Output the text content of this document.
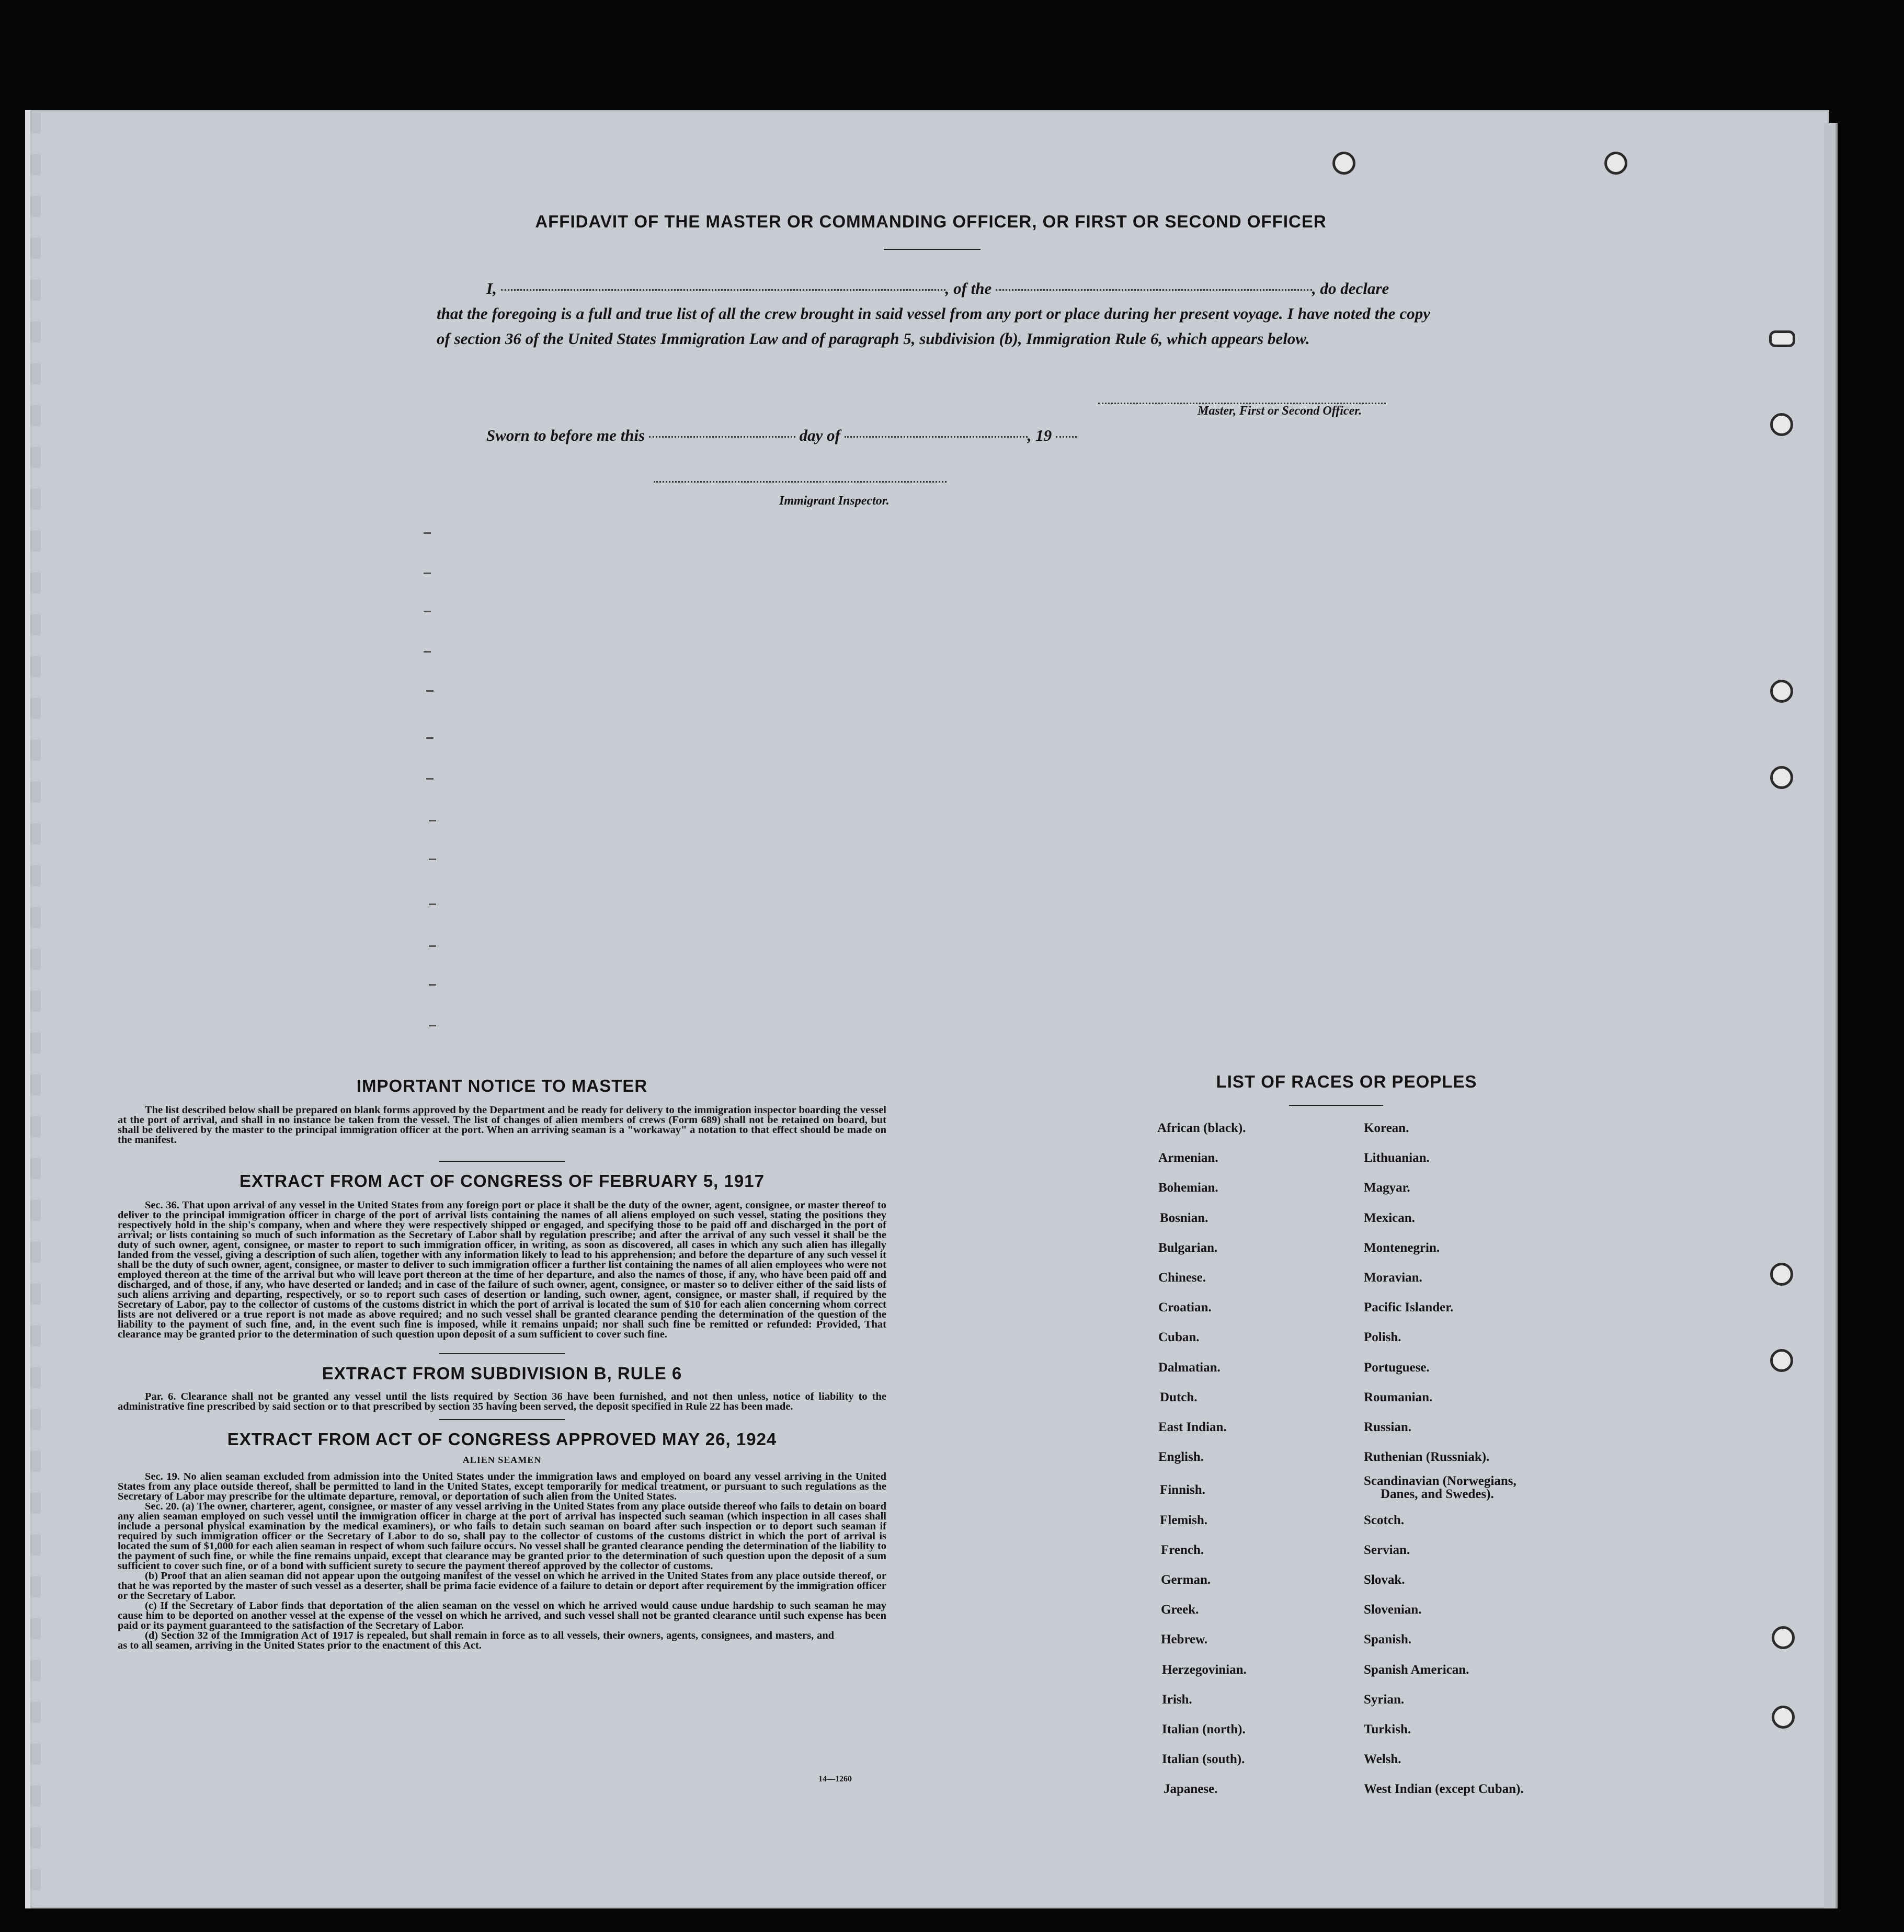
AFFIDAVIT OF THE MASTER OR COMMANDING OFFICER, OR FIRST OR SECOND OFFICER
I,	, of the	, do declare
that the foregoing is a full and true list of all the crew brought in said vessel from any port or place during her present voyage. I have noted the copy of section 36 of the United States Immigration Law and of paragraph 5, subdivision (b), Immigration Rule 6, which appears below.
Master, First or Second Officer.
Sworn to before me this	day of	, 19
Immigrant Inspector.
IMPORTANT NOTICE TO MASTER
The list described below shall be prepared on blank forms approved by the Department and be ready for delivery to the immigration inspector boarding the vessel at the port of arrival, and shall in no instance be taken from the vessel. The list of changes of alien members of crews (Form 689) shall not be retained on board, but shall be delivered by the master to the principal immigration officer at the port. When an arriving seaman is a "workaway" a notation to that effect should be made on the manifest.
EXTRACT FROM ACT OF CONGRESS OF FEBRUARY 5, 1917
Sec. 36. That upon arrival of any vessel in the United States from any foreign port or place it shall be the duty of the owner, agent, consignee, or master thereof to deliver to the principal immigration officer in charge of the port of arrival lists containing the names of all aliens employed on such vessel, stating the positions they respectively hold in the ship's company, when and where they were respectively shipped or engaged, and specifying those to be paid off and discharged in the port of arrival; or lists containing so much of such information as the Secretary of Labor shall by regulation prescribe; and after the arrival of any such vessel it shall be the duty of such owner, agent, consignee, or master to report to such immigration officer, in writing, as soon as discovered, all cases in which any such alien has illegally landed from the vessel, giving a description of such alien, together with any information likely to lead to his apprehension; and before the departure of any such vessel it shall be the duty of such owner, agent, consignee, or master to deliver to such immigration officer a further list containing the names of all alien employees who were not employed thereon at the time of the arrival but who will leave port thereon at the time of her departure, and also the names of those, if any, who have been paid off and discharged, and of those, if any, who have deserted or landed; and in case of the failure of such owner, agent, consignee, or master so to deliver either of the said lists of such aliens arriving and departing, respectively, or so to report such cases of desertion or landing, such owner, agent, consignee, or master shall, if required by the Secretary of Labor, pay to the collector of customs of the customs district in which the port of arrival is located the sum of $10 for each alien concerning whom correct lists are not delivered or a true report is not made as above required; and no such vessel shall be granted clearance pending the determination of the question of the liability to the payment of such fine, and, in the event such fine is imposed, while it remains unpaid; nor shall such fine be remitted or refunded: Provided, That clearance may be granted prior to the determination of such question upon deposit of a sum sufficient to cover such fine.
EXTRACT FROM SUBDIVISION B, RULE 6
Par. 6. Clearance shall not be granted any vessel until the lists required by Section 36 have been furnished, and not then unless, notice of liability to the administrative fine prescribed by said section or to that prescribed by section 35 having been served, the deposit specified in Rule 22 has been made.
EXTRACT FROM ACT OF CONGRESS APPROVED MAY 26, 1924
ALIEN SEAMEN
Sec. 19. No alien seaman excluded from admission into the United States under the immigration laws and employed on board any vessel arriving in the United States from any place outside thereof, shall be permitted to land in the United States, except temporarily for medical treatment, or pursuant to such regulations as the Secretary of Labor may prescribe for the ultimate departure, removal, or deportation of such alien from the United States.
Sec. 20. (a) The owner, charterer, agent, consignee, or master of any vessel arriving in the United States from any place outside thereof who fails to detain on board any alien seaman employed on such vessel until the immigration officer in charge at the port of arrival has inspected such seaman (which inspection in all cases shall include a personal physical examination by the medical examiners), or who fails to detain such seaman on board after such inspection or to deport such seaman if required by such immigration officer or the Secretary of Labor to do so, shall pay to the collector of customs of the customs district in which the port of arrival is located the sum of $1,000 for each alien seaman in respect of whom such failure occurs. No vessel shall be granted clearance pending the determination of the liability to the payment of such fine, or while the fine remains unpaid, except that clearance may be granted prior to the determination of such question upon the deposit of a sum sufficient to cover such fine, or of a bond with sufficient surety to secure the payment thereof approved by the collector of customs.
(b) Proof that an alien seaman did not appear upon the outgoing manifest of the vessel on which he arrived in the United States from any place outside thereof, or that he was reported by the master of such vessel as a deserter, shall be prima facie evidence of a failure to detain or deport after requirement by the immigration officer or the Secretary of Labor.
(c) If the Secretary of Labor finds that deportation of the alien seaman on the vessel on which he arrived would cause undue hardship to such seaman he may cause him to be deported on another vessel at the expense of the vessel on which he arrived, and such vessel shall not be granted clearance until such expense has been paid or its payment guaranteed to the satisfaction of the Secretary of Labor.
(d) Section 32 of the Immigration Act of 1917 is repealed, but shall remain in force as to all vessels, their owners, agents, consignees, and masters, and as to all seamen, arriving in the United States prior to the enactment of this Act.
14—1260
LIST OF RACES OR PEOPLES
African (black).
Armenian.
Bohemian.
Bosnian.
Bulgarian.
Chinese.
Croatian.
Cuban.
Dalmatian.
Dutch.
East Indian.
English.
Finnish.
Flemish.
French.
German.
Greek.
Hebrew.
Herzegovinian.
Irish.
Italian (north).
Italian (south).
Japanese.
Korean.
Lithuanian.
Magyar.
Mexican.
Montenegrin.
Moravian.
Pacific Islander.
Polish.
Portuguese.
Roumanian.
Russian.
Ruthenian (Russniak).
Scandinavian (Norwegians,
Danes, and Swedes).
Scotch.
Servian.
Slovak.
Slovenian.
Spanish.
Spanish American.
Syrian.
Turkish.
Welsh.
West Indian (except Cuban).
